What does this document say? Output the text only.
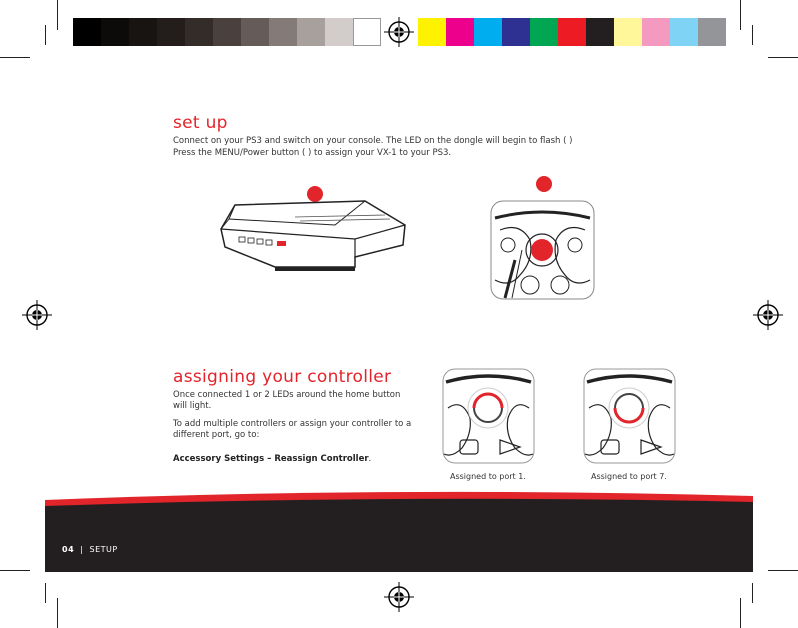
set up
Connect on your PS3 and switch on your console. The LED on the dongle will begin to flash ( )
Press the MENU/Power button ( ) to assign your VX-1 to your PS3.
assigning your controller
Once connected 1 or 2 LEDs around the home button will light.
To add multiple controllers or assign your controller to a different port, go to:
Accessory Settings – Reassign Controller.
Assigned to port 1.	Assigned to port 7.
04 | SETUP
